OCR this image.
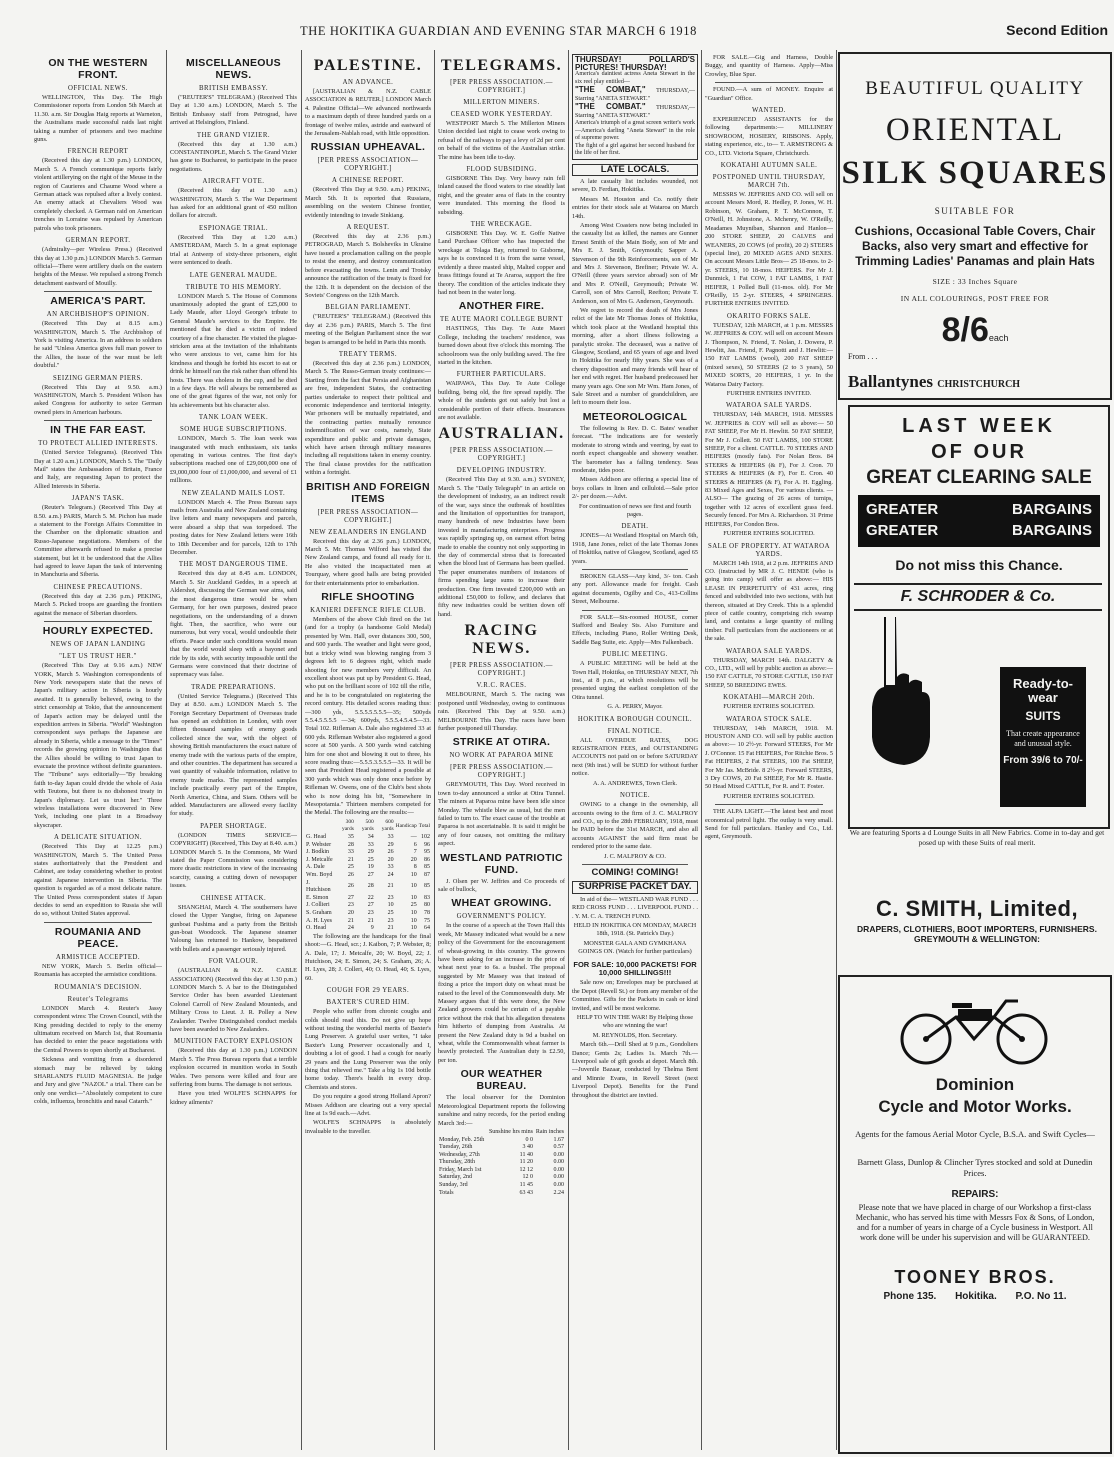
THE HOKITIKA GUARDIAN AND EVENING STAR MARCH 6 1918	Second Edition
ON THE WESTERN FRONT.
OFFICIAL NEWS.

WELLINGTON, This Day. The High Commissioner reports from London 5th March at 11.30. a.m. Sir Douglas Haig reports at Warneton, the Australians made successful raids last night taking a number of prisoners and two machine guns.

FRENCH REPORT

(Received this day at 1.30 p.m.) LONDON, March 5. A French communique reports fairly violent artillerying on the right of the Meuse in the region of Caurieres and Chaume Wood where a German attack was repulsed after a lively contest. An enemy attack at Chevaliers Wood was completely checked. A German raid on American trenches in Lorraine was repulsed by American patrols who took prisoners.

GERMAN REPORT.

(Admiralty—per Wireless Press.) (Received this day at 1.30 p.m.) LONDON March 5. German official—There were artillery duels on the eastern heights of the Meuse. We repulsed a strong French detachment eastward of Mouilly.

AMERICA'S PART.
AN ARCHBISHOP'S OPINION.

(Received This Day at 8.15 a.m.) WASHINGTON, March 5. The Archbishop of York is visiting America. In an address to soldiers he said "Unless America gives full man power to the Allies, the issue of the war must be left doubtful."

SEIZING GERMAN PIERS.

(Received This Day at 9.50. a.m.) WASHINGTON, March 5. President Wilson has asked Congress for authority to seize German owned piers in American harbours.

IN THE FAR EAST.
TO PROTECT ALLIED INTERESTS.

(United Service Telegrams). (Received This Day at 1.20 a.m.) LONDON, March 5. The "Daily Mail" states the Ambassadors of Britain, France and Italy, are requesting Japan to protect the Allied Interests in Siberia.

JAPAN'S TASK.

(Reuter's Telegram.) (Received This Day at 8.50. a.m.) PARIS, March 5. M. Pichon has made a statement to the Foreign Affairs Committee in the Chamber on the diplomatic situation and Russo-Japanese negotiations. Members of the Committee afterwards refused to make a precise statement, but let it be understood that the Allies had agreed to leave Japan the task of intervening in Manchuria and Siberia.

CHINESE PRECAUTIONS.

(Received this day at 2.36 p.m.) PEKING, March 5. Picked troops are guarding the frontiers against the menace of Siberian disorders.

HOURLY EXPECTED.
NEWS OF JAPAN LANDING
"LET US TRUST HER."

(Received This Day at 9.16 a.m.) NEW YORK, March 5. Washington correspondents of New York newspapers state that the news of Japan's military action in Siberia is hourly awaited. It is generally believed, owing to the strict censorship at Tokio, that the announcement of Japan's action may be delayed until the expedition arrives in Siberia. "World" Washington correspondent says perhaps the Japanese are already in Siberia, while a message to the "Times" records the growing opinion in Washington that the Allies should be willing to trust Japan to evacuate the province without definite guarantees. The "Tribune" says editorially—"By breaking faith to-day Japan could divide the whole of Asia with Teutons, but there is no dishonest treaty in Japan's diplomacy. Let us trust her." Three wireless installations were discovered in New York, including one plant in a Broadway skyscraper.

A DELICATE SITUATION.

(Received This Day at 12.25 p.m.) WASHINGTON, March 5. The United Press states authoritatively that the President and Cabinet, are today considering whether to protest against Japanese intervention in Siberia. The question is regarded as of a most delicate nature. The United Press correspondent states if Japan decides to send an expedition to Russia she will do so, without United States approval.

ROUMANIA AND PEACE.
ARMISTICE ACCEPTED.

NEW YORK, March 5. Berlin official—Roumania has accepted the armistice conditions.

ROUMANIA'S DECISION.
Reuter's Telegrams

LONDON March 4. Reuter's Jassy correspondent wires: The Crown Council, with the King presiding decided to reply to the enemy ultimatum received on March 1st, that Roumania has decided to enter the peace negotiations with the Central Powers to open shortly at Bucharest.

Sickness and vomiting from a disordered stomach may be relieved by taking SHARLAND'S FLUID MAGNESIA. Be judge and Jury and give "NAZOL" a trial. There can be only one verdict—"Absolutely competent to cure colds, influenza, bronchitis and nasal Catarrh."

MISCELLANEOUS NEWS.
BRITISH EMBASSY.

("REUTER'S" TELEGRAM.) (Received This Day at 1.30 a.m.) LONDON, March 5. The British Embassy staff from Petrograd, have arrived at Helsingfors, Finland.

THE GRAND VIZIER.

(Received this day at 1.30 a.m.) CONSTANTINOPLE, March 5. The Grand Vizier has gone to Bucharest, to participate in the peace negotiations.

AIRCRAFT VOTE.

(Received this day at 1.30 a.m.) WASHINGTON, March 5. The War Department has asked for an additional grant of 450 million dollars for aircraft.

ESPIONAGE TRIAL.

(Received This Day at 1.20 a.m.) AMSTERDAM, March 5. In a great espionage trial at Antwerp of sixty-three prisoners, eight were sentenced to death.

LATE GENERAL MAUDE.
TRIBUTE TO HIS MEMORY.

LONDON March 5. The House of Commons unanimously adopted the grant of £25,000 to Lady Maude, after Lloyd George's tribute to General Maude's services to the Empire. He mentioned that he died a victim of indeed courtesy of a fine character. He visited the plague-stricken area at the invitation of the inhabitants who were anxious to vet, came him for his kindness and though he forbid his escort to eat or drink he himself ran the risk rather than offend his hosts. There was cholera in the cup, and he died in a few days. He will always be remembered as one of the great figures of the war, not only for his achievements but his character also.

TANK LOAN WEEK.
SOME HUGE SUBSCRIPTIONS.

LONDON, March 5. The loan week was inaugurated with much enthusiasm, six tanks operating in various centres. The first day's subscriptions reached one of £29,000,000 one of £9,000,000 four of £1,000,000, and several of £1 millions.

NEW ZEALAND MAILS LOST.

LONDON March 4. The Press Bureau says mails from Australia and New Zealand containing live letters and many newspapers and parcels, were aboard a ship that was torpedoed. The posting dates for New Zealand letters were 16th to 18th December and for parcels, 12th to 17th December.

THE MOST DANGEROUS TIME.

Received this day at 8.45 a.m. LONDON, March 5. Sir Auckland Geddes, in a speech at Aldershot, discussing the German war aims, said the most dangerous time would be when Germany, for her own purposes, desired peace negotiations, on the understanding of a drawn fight. Then, the sacrifice, who were our numerous, but very vocal, would undoubtle their efforts. Peace under such conditions would mean that the world would sleep with a bayonet and ride by its side, with security impossible until the Germans were convinced that their doctrine of supremacy was false.

TRADE PREPARATIONS.

(United Service Telegrams.) (Received This Day at 8.50. a.m.) LONDON March 5. The Foreign Secretary Department of Overseas trade has opened an exhibition in London, with over fifteen thousand samples of enemy goods collected since the war, with the object of showing British manufacturers the exact nature of enemy trade with the various parts of the empire, and other countries. The department has secured a vast quantity of valuable information, relative to enemy trade marks. The represented samples include practically every part of the Empire, North America, China, and Siam. Others will be added. Manufacturers are allowed every facility for study.

PAPER SHORTAGE.

(LONDON TIMES SERVICE—COPYRIGHT) (Received, This Day at 8.40. a.m.) LONDON March 5. In the Commons, Mr Ward stated the Paper Commission was considering more drastic restrictions in view of the increasing scarcity, causing a cutting down of newspaper issues.

CHINESE ATTACK.

SHANGHAI, March 4. The southerners have closed the Upper Yangtse, firing on Japanese gunboat Fushima and a party from the British gun-boat Woodcock. The Japanese steamer Yaloung has returned to Hankow, bespattered with bullets and a passenger seriously injured.

FOR VALOUR.

(AUSTRALIAN & N.Z. CABLE ASSOCIATION) (Received this day at 1.30 p.m.) LONDON March 5. A bar to the Distinguished Service Order has been awarded Lieutenant Colonel Carroll of New Zealand Mounteds, and Military Cross to Lieut. J. R. Polley a New Zealander. Twelve Distinguished conduct medals have been awarded to New Zealanders.

MUNITION FACTORY EXPLOSION

(Received this day at 1.30 p.m.) LONDON March 5. The Press Bureau reports that a terrible explosion occurred in munition works in South Wales. Two persons were killed and four are suffering from burns. The damage is not serious.

Have you tried WOLFE'S SCHNAPPS for kidney ailments?

PALESTINE.
AN ADVANCE.

[AUSTRALIAN & N.Z. CABLE ASSOCIATION & REUTER.] LONDON March 4. Palestine Official—We advanced northwards to a maximum depth of three hundred yards on a frontage of twelve miles, astride and eastward of the Jerusalem-Nablah road, with little opposition.

RUSSIAN UPHEAVAL.
[PER PRESS ASSOCIATION—COPYRIGHT.]
A CHINESE REPORT.

(Received This Day at 9.50. a.m.) PEKING, March 5th. It is reported that Russians, assembling on the western Chinese frontier, evidently intending to invade Sinkiang.

A REQUEST.

(Received this day at 2.36 p.m.) PETROGRAD, March 5. Bolsheviks in Ukraine have issued a proclamation calling on the people to resist the enemy, and destroy communication before evacuating the towns. Lenin and Trotsky announce the ratification of the treaty is fixed for the 12th. It is dependent on the decision of the Soviets' Congress on the 12th March.

BELGIAN PARLIAMENT.

("REUTER'S" TELEGRAM.) (Received this day at 2.36 p.m.) PARIS, March 5. The first meeting of the Belgian Parliament since the war began is arranged to be held in Paris this month.

TREATY TERMS.

(Received this day at 2.36 p.m.) LONDON, March 5. The Russo-German treaty continues:—Starting from the fact that Persia and Afghanistan are free, independent States, the contracting parties undertake to respect their political and economic independence and territorial integrity. War prisoners will be mutually repatriated, and the contracting parties mutually renounce indemnification of war costs, namely, State expenditure and public and private damages, which have arisen through military measures including all requisitions taken in enemy country. The final clause provides for the ratification within a fortnight.

BRITISH AND FOREIGN ITEMS
[PER PRESS ASSOCIATION—COPYRIGHT.]
NEW ZEALANDERS IN ENGLAND

Received this day at 2.36 p.m.) LONDON, March 5. Mr. Thomas Wilford has visited the New Zealand camps, and found all ready for it. He also visited the incapacitated men at Tourquay, where good halls are being provided for their entertainments prior to embarkation.

RIFLE SHOOTING
KANIERI DEFENCE RIFLE CLUB.

Members of the above Club fired on the 1st (and for a trophy (a handsome Gold Medal) presented by Wm. Hall, over distances 300, 500, and 600 yards. The weather and light were good, but a tricky wind was blowing ranging from 3 degrees left to 6 degrees right, which made shooting for new members very difficult. An excellent shoot was put up by President G. Head, who put on the brilliant score of 102 till the rifle, and he is to be congratulated on registering the record century. His detailed scores reading thus:—300 yds, 5.5.5.5.5.5.5—35; 500yds 5.5.4.5.5.5.5 —34; 600yds, 5.5.5.4.5.4.5—33. Total 102. Rifleman A. Dale also registered 33 at 600 yds. Rifleman Webster also registered a good score at 500 yards. A 500 yards wind catching him for one shot and blowing it out to three, his score reading thus:—5.5.5.3.5.5.5—33. It will be seen that President Head registered a possible at 300 yards which was only done once before by Rifleman W. Owens, one of the Club's best shots who is now doing his bit, "Somewhere in Mesopotamia." Thirteen members competed for the Medal. The following are the results:—

	300 yards	500 yards	600 yards	Handicap	Total
G. Head	35	34	33	—	102
P. Webster	28	33	29	6	96
J. Bodkin	33	29	26	7	95
J. Metcalfe	21	25	20	20	86
A. Dale	25	19	33	8	85
Wm. Boyd	26	27	24	10	87
J. Hutchison	26	28	21	10	85
E. Simon	27	22	23	10	83
J. Collieri	23	27	10	25	80
S. Graham	20	23	25	10	78
A. H. Lyes	21	21	23	10	75
O. Head	24	9	21	10	64

The following are the handicaps for the final shoot:—G. Head, scr.; J. Kaibon, 7; P. Webster, 8; A. Dale, 17; J. Metcalfe, 20; W. Boyd, 22; J. Hutchison, 24; E. Simon, 24; S. Graham, 26; A. H. Lyes, 28; J. Colleri, 40; O. Head, 40; S. Lyes, 60.

COUGH FOR 29 YEARS.
BAXTER'S CURED HIM.

People who suffer from chronic coughs and colds should read this. Do not give up hope without testing the wonderful merits of Baxter's Lung Preserver. A grateful user writes, "I take Baxter's Lung Preserver occasionally and I, doubting a lot of good. I had a cough for nearly 29 years and the Lung Preserver was the only thing that relieved me." Take a big 1s 10d bottle home today. There's health in every drop. Chemists and stores.

Do you require a good strong Holland Apron? Misses Addison are clearing out a very special line at 1s 9d each.—Advt.

WOLFE'S SCHNAPPS is absolutely invaluable to the traveller.

TELEGRAMS.
[PER PRESS ASSOCIATION.—COPYRIGHT.]
MILLERTON MINERS.
CEASED WORK YESTERDAY.

WESTPORT March 5. The Millerton Miners Union decided last night to cease work owing to refusal of the railways to pay a levy of 2d per cent on behalf of the victims of the Australian strike. The mine has been idle to-day.

FLOOD SUBSIDING.

GISBORNE This Day. Very heavy rain fell inland caused the flood waters to rise steadily last night, and the greater area of flats in the country were inundated. This morning the flood is subsiding.

THE WRECKAGE.

GISBORNE This Day. W. E. Goffe Native Land Purchase Officer who has inspected the wreckage at Tolaga Bay, returned to Gisborne, says he is convinced it is from the same vessel, evidently a three masted ship, Malted copper and brass fittings found at Te Araroa, support the fire theory. The condition of the articles indicate they had not been in the water long.

ANOTHER FIRE.
TE AUTE MAORI COLLEGE BURNT

HASTINGS, This Day. Te Aute Maori College, including the teachers' residence, was burned down about five o'clock this morning. The schoolroom was the only building saved. The fire started in the kitchen.

FURTHER PARTICULARS.

WAIPAWA, This Day. Te Aute College building, being old, the fire spread rapidly. The whole of the students got out safely but lost a considerable portion of their effects. Insurances are not available.

AUSTRALIAN.
[PER PRESS ASSOCIATION.—COPYRIGHT.]
DEVELOPING INDUSTRY.

(Received This Day at 9.30. a.m.) SYDNEY, March 5. The "Daily Telegraph" in an article on the development of industry, as an indirect result of the war, says since the outbreak of hostilities and the limitation of opportunities for transport, many hundreds of new Industries have been invested in manufacturing enterprises. Progress was rapidly springing up, on earnest effort being made to enable the country not only supporting in the day of commercial stress that is forecasted when the blood lust of Germans has been quelled. The paper enumerates numbers of instances of firms spending large sums to increase their production. One firm invested £200,000 with an additional £50,000 to follow, and declares that fifty new industries could be written down off hand.

RACING NEWS.
[PER PRESS ASSOCIATION.—COPYRIGHT.]
V.R.C. RACES.

MELBOURNE, March 5. The racing was postponed until Wednesday, owing to continuous rain. (Received This Day at 9.50. a.m.) MELBOURNE This Day. The races have been further postponed till Thursday.

STRIKE AT OTIRA.
NO WORK AT PAPAROA MINE
[PER PRESS ASSOCIATION.—COPYRIGHT.]

GREYMOUTH, This Day. Word received in town to-day announced a strike at Otira Tunnel. The miners at Paparoa mine have been idle since Monday. The whistle blew as usual, but the men failed to turn to. The exact cause of the trouble at Paparoa is not ascertainable. It is said it might be any of four causes, not omitting the military aspect.

WESTLAND PATRIOTIC FUND.

J. Olsen per W. Jeffries and Co proceeds of sale of bullock,

WHEAT GROWING.
GOVERNMENT'S POLICY.

In the course of a speech at the Town Hall this week, Mr Massey indicated what would be a new policy of the Government for the encouragement of wheat-growing in this country. The growers have been asking for an increase in the price of wheat next year to 6s. a bushel. The proposal suggested by Mr Massey was that instead of fixing a price the import duty on wheat must be raised to the level of the Commonwealth duty. Mr Massey argues that if this were done, the New Zealand growers could be certain of a payable price without the risk that his allegation threatens him hitherto of dumping from Australia. At present the New Zealand duty is 9d a bushel on wheat, while the Commonwealth wheat farmer is heavily protected. The Australian duty is £2.50, per ton.

OUR WEATHER BUREAU.

The local observer for the Dominion Meteorological Department reports the following sunshine and rainy records, for the period ending March 3rd:—

	Sunshine hrs mins	Rain inches
Monday, Feb. 25th	0 0	1.67
Tuesday, 26th	3 40	0.57
Wednesday, 27th	11 40	0.00
Thursday, 28th	11 20	0.00
Friday, March 1st	12 12	0.00
Saturday, 2nd	12 0	0.00
Sunday, 3rd	11 45	0.00
Totals	63 43	2.24
THURSDAY! POLLARD'S PICTURES! THURSDAY!
America's daintiest actress Aneta Stewart in the six reel play entitled—
"THE COMBAT," THURSDAY,—Starring "ANETA STEWART."
"THE COMBAT." THURSDAY,—Starring "ANETA STEWART."
America's triumph of a great screen writer's work—America's darling "Aneta Stewart" in the role of supreme power.
The fight of a girl against her second husband for the life of her first.
LATE LOCALS.

A late casualty list includes wounded, not severe, D. Ferdian, Hokitika.

Messrs M. Houston and Co. notify their entries for their stock sale at Wataroa on March 14th.

Among West Coasters now being included in the casualty list as killed, the names are Gunner Ernest Smith of the Main Body, son of Mr and Mrs E. J. Smith, Greymouth; Sapper A. Stevenson of the 9th Reinforcements, son of Mr and Mrs J. Stevenson, Brefiner; Private W. A. O'Neill (three years service abroad) son of Mr and Mrs P. O'Neill, Greymouth; Private W. Carroll, son of Mrs Carroll, Reefton; Private T. Anderson, son of Mrs G. Anderson, Greymouth.

We regret to record the death of Mrs Jones relict of the late Mr Thomas Jones of Hokitika, which took place at the Westland hospital this morning, after a short illness following a paralytic stroke. The deceased, was a native of Glasgow, Scotland, and 65 years of age and lived in Hokitika for nearly fifty years. She was of a cheery disposition and many friends will hear of her end with regret. Her husband predeceased her many years ago. One son Mr Wm. Ham Jones, of Sale Street and a number of grandchildren, are left to mourn their loss.

METEOROLOGICAL

The following is Rev. D. C. Bates' weather forecast. "The indications are for westerly moderate to strong winds and veering, by east to north expect changeable and showery weather. The barometer has a falling tendency. Seas moderate, tides poor.

Misses Addison are offering a special line of boys collars in linen and celluloid.—Sale price 2/- per dozen.—Advt.

For continuation of news see first and fourth pages.

DEATH.

JONES—At Westland Hospital on March 6th, 1918, Jane Jones, relict of the late Thomas Jones of Hokitika, native of Glasgow, Scotland, aged 65 years.

BROKEN GLASS—Any kind, 3/- ton. Cash any port. Allowance made for freight. Cash against documents, Ogilby and Co., 413-Collins Street, Melbourne.

FOR SALE—Six-roomed HOUSE, corner Stafford and Bealey Sts. Also Furniture and Effects, including Piano, Roller Writing Desk, Saddle Bag Suite, etc. Apply—Mrs Falkenbach.

PUBLIC MEETING.

A PUBLIC MEETING will be held at the Town Hall, Hokitika, on THURSDAY NEXT, 7th inst., at 8 p.m., at which resolutions will be presented urging the earliest completion of the Otira tunnel.

G. A. PERRY, Mayor.

HOKITIKA BOROUGH COUNCIL.
FINAL NOTICE.

ALL OVERDUE RATES, DOG REGISTRATION FEES, and OUTSTANDING ACCOUNTS not paid on or before SATURDAY next (9th inst.) will be SUED for without further notice.

A. A. ANDREWES, Town Clerk.

NOTICE.

OWING to a change in the ownership, all accounts owing to the firm of J. C. MALFROY and CO., up to the 28th FEBRUARY, 1918, must be PAID before the 31st MARCH, and also all accounts AGAINST the said firm must be rendered prior to the same date.

J. C. MALFROY & CO.

COMING! COMING!
SURPRISE PACKET DAY.

In aid of the— WESTLAND WAR FUND . . . RED CROSS FUND . . . LIVERPOOL FUND . . . Y. M. C. A. TRENCH FUND.

HELD IN HOKITIKA ON MONDAY, MARCH 18th, 1918. (St. Patrick's Day.)

MONSTER GALA AND GYMKHANA GOINGS ON. (Watch for further particulars)

FOR SALE: 10,000 PACKETS! FOR 10,000 SHILLINGS!!!

Sale now on; Envelopes may be purchased at the Depot (Revell St.) or from any member of the Committee. Gifts for the Packets in cash or kind invited, and will be most welcome.

HELP TO WIN THE WAR! By Helping those who are winning the war!

M. REYNOLDS, Hon. Secretary.

March 6th.—Drill Shed at 9 p.m., Gondoliers Dance; Gents 2s; Ladies 1s. March 7th.—Liverpool sale of gift goods at depot. March 8th.—Juvenile Bazaar, conducted by Thelma Bent and Minnie Evans, in Revell Street (next Liverpool Depot). Benefits for the Fund throughout the district are invited.

FOR SALE.—Gig and Harness, Double Buggy, and quantity of Harness. Apply—Miss Crowley, Blue Spur.

FOUND.—A sum of MONEY. Enquire at "Guardian" Office.

WANTED.

EXPERIENCED ASSISTANTS for the following departments:— MILLINERY SHOWROOM, HOSIERY, RIBBONS. Apply, stating experience, etc., to— T. ARMSTRONG & CO., LTD. Victoria Square, Christchurch.

KOKATAHI AUTUMN SALE.
POSTPONED UNTIL THURSDAY, MARCH 7th.

MESSRS W. JEFFRIES AND CO. will sell on account Messrs Mord, R. Hedley, P. Jones, W. H. Robinson, W. Graham, P. T. McConnon, T. O'Neill, H. Johnstone, A. Mchenry, W. O'Reilly, Meadames Muyniban, Shannon and Hanlon— 200 STORE SHEEP, 20 CALVES and WEANERS, 20 COWS (of profit), 20 2) STEERS (special line), 20 MIXED AGES AND SEXES. On account Messrs Little Bros— 25 18-mos. to 2-yr. STEERS, 10 18-mos. HEIFERS. For Mr J. Dunmick, 1 Fat COW, 1 FAT LAMBS, 1 FAT HEIFER, 1 Polled Bull (11-mos. old). For Mr O'Reilly, 15 2-yr. STEERS, 4 SPRINGERS. FURTHER ENTRIES INVITED.

OKARITO FORKS SALE.

TUESDAY, 12th MARCH, at 1 p.m. MESSRS W. JEFFRIES & COY. will sell on account Messrs J. Thompson, N. Friend, T. Nolan, J. Dowera, P. Hewlitt, Jas. Friend, F. Pagnotti and J. Hewlitt:— 150 FAT LAMBS (wool), 200 FAT SHEEP (mixed sexes), 50 STEERS (2 to 3 years), 50 MIXED SORTS, 20 HEIFERS, 1 yr. In the Wataroa Dairy Factory.

FURTHER ENTRIES INVITED.

WATAROA SALE YARDS.

THURSDAY, 14th MARCH, 1918. MESSRS W. JEFFRIES & COY will sell as above:— 50 FAT SHEEP, For Mr H. Hewlitt. 50 FAT SHEEP, For Mr J. Collett. 50 FAT LAMBS, 100 STORE SHEEP, For a client. CATTLE. 70 STEERS AND HEIFERS (mostly fats). For Nolan Bros. 84 STEERS & HEIFERS (& F), For J. Cron. 70 STEERS & HEIFERS (& F), For E. Cron. 40 STEERS & HEIFERS (& F), For A. H. Eggling. 83 Mixed Ages and Sexes, For various clients. —ALSO— The grazing of 26 acres of turnips, together with 12 acres of excellent grass feed. Securely fenced. For Mrs A. Richardson. 31 Prime HEIFERS, For Condon Bros.

FURTHER ENTRIES SOLICITED.

SALE OF PROPERTY. AT WATAROA YARDS.

MARCH 14th 1918, at 2 p.m. JEFFRIES AND CO. (instructed by MR J. C. HENDE (who is going into camp) will offer as above:— HIS LEASE IN PERPETUITY of 431 acres, ring fenced and subdivided into two sections, with hut thereon, situated at Dry Creek. This is a splendid piece of cattle country, comprising rich swamp land, and contains a large quantity of milling timber. Full particulars from the auctioneers or at the sale.

WATAROA SALE YARDS.

THURSDAY, MARCH 14th. DALGETY & CO., LTD., will sell by public auction as above:— 150 FAT CATTLE, 70 STORE CATTLE, 150 FAT SHEEP, 50 BREEDING EWES.

KOKATAHI—MARCH 20th.

FURTHER ENTRIES SOLICITED.

WATAROA STOCK SALE.

THURSDAY, 14th MARCH, 1918. M. HOUSTON AND CO. will sell by public auction as above:— 10 2½-yr. Forward STEERS, For Mr J. O'Connor. 15 Fat HEIFERS, For Ritchie Bros. 5 Fat HEIFERS, 2 Fat STEERS, 100 Fat SHEEP, For Mr Jas. McBride. 8 2½-yr. Forward STEERS, 3 Dry COWS, 20 Fat SHEEP, For Mr R. Hastie. 50 Head Mixed CATTLE, For R. and T. Foster.

FURTHER ENTRIES SOLICITED.

THE ALPA LIGHT.—The latest best and most economical petrol light. The outlay is very small. Send for full particulars. Hanley and Co., Ltd. agent, Greymouth.

BEAUTIFUL QUALITY
ORIENTAL
SILK SQUARES
SUITABLE FOR
Cushions, Occasional Table Covers, Chair Backs, also very smart and effective for Trimming Ladies' Panamas and plain Hats
SIZE : 33 Inches Square
IN ALL COLOURINGS, POST FREE FOR
8/6each
From . . .
Ballantynes CHRISTCHURCH
LAST WEEK
OF OUR
GREAT CLEARING SALE
GREATER
GREATER
BARGAINS
BARGAINS
Do not miss this Chance.
F. SCHRODER & Co.
Ready-to-wear
SUITS
That create appearance and unusual style.
From 39/6 to 70/-
We are featuring Sports a d Lounge Suits in all New Fabrics. Come in to-day and get posed up with these Suits of real merit.
C. SMITH, Limited,
DRAPERS, CLOTHIERS, BOOT IMPORTERS, FURNISHERS.
GREYMOUTH & WELLINGTON:
Dominion
Cycle and Motor Works.
Agents for the famous Aerial Motor Cycle, B.S.A. and Swift Cycles—
Barnett Glass, Dunlop & Clincher Tyres stocked and sold at Dunedin Prices.
REPAIRS:
Please note that we have placed in charge of our Workshop a first-class Mechanic, who has served his time with Messrs Fox & Sons, of London, and for a number of years in charge of a Cycle business in Westport. All work done will be under his supervision and will be GUARANTEED.
TOONEY BROS.
Phone 135. Hokitika. P.O. No 11.
